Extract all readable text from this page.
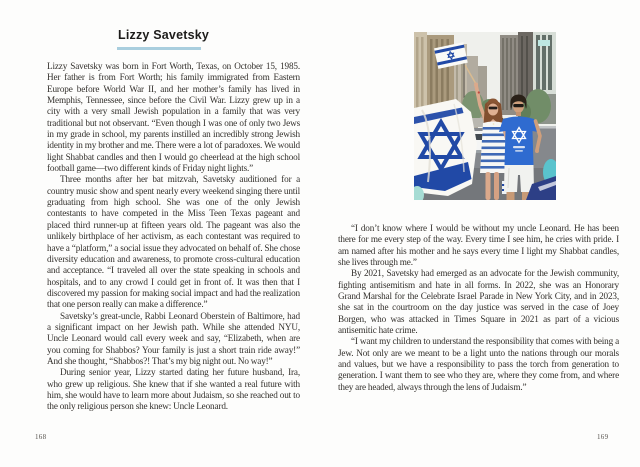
Lizzy Savetsky

Lizzy Savetsky was born in Fort Worth, Texas, on October 15, 1985. Her father is from Fort Worth; his family immigrated from Eastern Europe before World War II, and her mother’s family has lived in Memphis, Tennessee, since before the Civil War. Lizzy grew up in a city with a very small Jewish population in a family that was very traditional but not observant. “Even though I was one of only two Jews in my grade in school, my parents instilled an incredibly strong Jewish identity in my brother and me. There were a lot of paradoxes. We would light Shabbat candles and then I would go cheerlead at the high school football game—two different kinds of Friday night lights.”

Three months after her bat mitzvah, Savetsky auditioned for a country music show and spent nearly every weekend singing there until graduating from high school. She was one of the only Jewish contestants to have competed in the Miss Teen Texas pageant and placed third runner-up at fifteen years old. The pageant was also the unlikely birthplace of her activism, as each contestant was required to have a “platform,” a social issue they advocated on behalf of. She chose diversity education and awareness, to promote cross-cultural education and acceptance. “I traveled all over the state speaking in schools and hospitals, and to any crowd I could get in front of. It was then that I discovered my passion for making social impact and had the realization that one person really can make a difference.”

Savetsky’s great-uncle, Rabbi Leonard Oberstein of Baltimore, had a significant impact on her Jewish path. While she attended NYU, Uncle Leonard would call every week and say, “Elizabeth, when are you coming for Shabbos? Your family is just a short train ride away!” And she thought, “Shabbos?! That’s my big night out. No way!”

During senior year, Lizzy started dating her future husband, Ira, who grew up religious. She knew that if she wanted a real future with him, she would have to learn more about Judaism, so she reached out to the only religious person she knew: Uncle Leonard.

168

“I don’t know where I would be without my uncle Leonard. He has been there for me every step of the way. Every time I see him, he cries with pride. I am named after his mother and he says every time I light my Shabbat candles, she lives through me.”

By 2021, Savetsky had emerged as an advocate for the Jewish community, fighting antisemitism and hate in all forms. In 2022, she was an Honorary Grand Marshal for the Celebrate Israel Parade in New York City, and in 2023, she sat in the courtroom on the day justice was served in the case of Joey Borgen, who was attacked in Times Square in 2021 as part of a vicious antisemitic hate crime.

“I want my children to understand the responsibility that comes with being a Jew. Not only are we meant to be a light unto the nations through our morals and values, but we have a responsibility to pass the torch from generation to generation. I want them to see who they are, where they come from, and where they are headed, always through the lens of Judaism.”

169
